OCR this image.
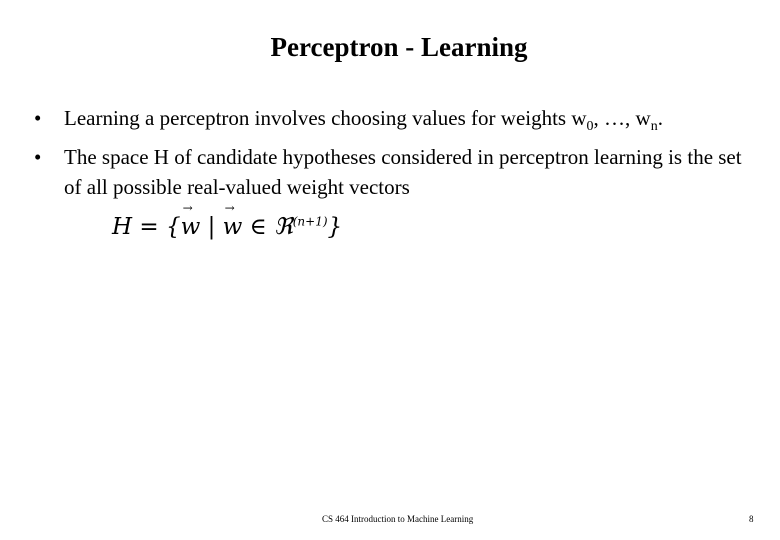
Perceptron - Learning
• Learning a perceptron involves choosing values for weights $w_0$, …, $w_n$.
• The space H of candidate hypotheses considered in perceptron learning is the set of all possible real-valued weight vectors
H = {
→
w |
→
w ∈ ℜ$^{(n+1)}$}
CS 464 Introduction to Machine Learning	8
